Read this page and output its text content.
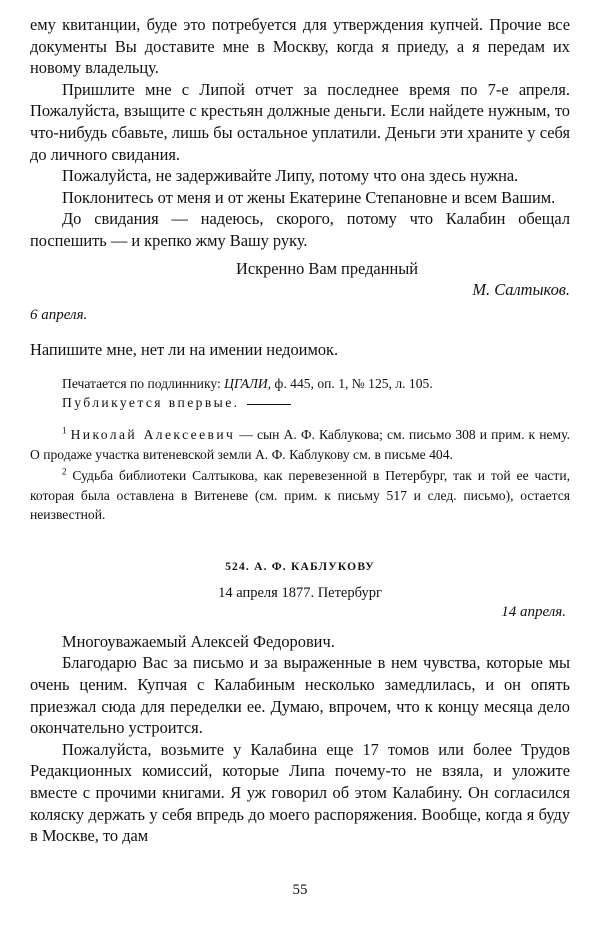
ему квитанции, буде это потребуется для утверждения купчей. Прочие все документы Вы доставите мне в Москву, когда я приеду, а я передам их новому владельцу.

Пришлите мне с Липой отчет за последнее время по 7-е апреля. Пожалуйста, взыщите с крестьян должные деньги. Если найдете нужным, то что-нибудь сбавьте, лишь бы остальное уплатили. Деньги эти храните у себя до личного свидания.

Пожалуйста, не задерживайте Липу, потому что она здесь нужна.

Поклонитесь от меня и от жены Екатерине Степановне и всем Вашим.

До свидания — надеюсь, скорого, потому что Калабин обещал поспешить — и крепко жму Вашу руку.

Искренно Вам преданный

М. Салтыков.

6 апреля.

Напишите мне, нет ли на имении недоимок.

Печатается по подлиннику: ЦГАЛИ, ф. 445, оп. 1, № 125, л. 105.
Публикуется впервые.

$^1$ Николай Алексеевич — сын А. Ф. Каблукова; см. письмо 308 и прим. к нему. О продаже участка витеневской земли А. Ф. Каблукову см. в письме 404.

$^2$ Судьба библиотеки Салтыкова, как перевезенной в Петербург, так и той ее части, которая была оставлена в Витеневе (см. прим. к письму 517 и след. письмо), остается неизвестной.

524. А. Ф. КАБЛУКОВУ

14 апреля 1877. Петербург

14 апреля.

Многоуважаемый Алексей Федорович.

Благодарю Вас за письмо и за выраженные в нем чувства, которые мы очень ценим. Купчая с Калабиным несколько замедлилась, и он опять приезжал сюда для переделки ее. Думаю, впрочем, что к концу месяца дело окончательно устроится.

Пожалуйста, возьмите у Калабина еще 17 томов или более Трудов Редакционных комиссий, которые Липа почему-то не взяла, и уложите вместе с прочими книгами. Я уж говорил об этом Калабину. Он согласился коляску держать у себя впредь до моего распоряжения. Вообще, когда я буду в Москве, то дам

55
